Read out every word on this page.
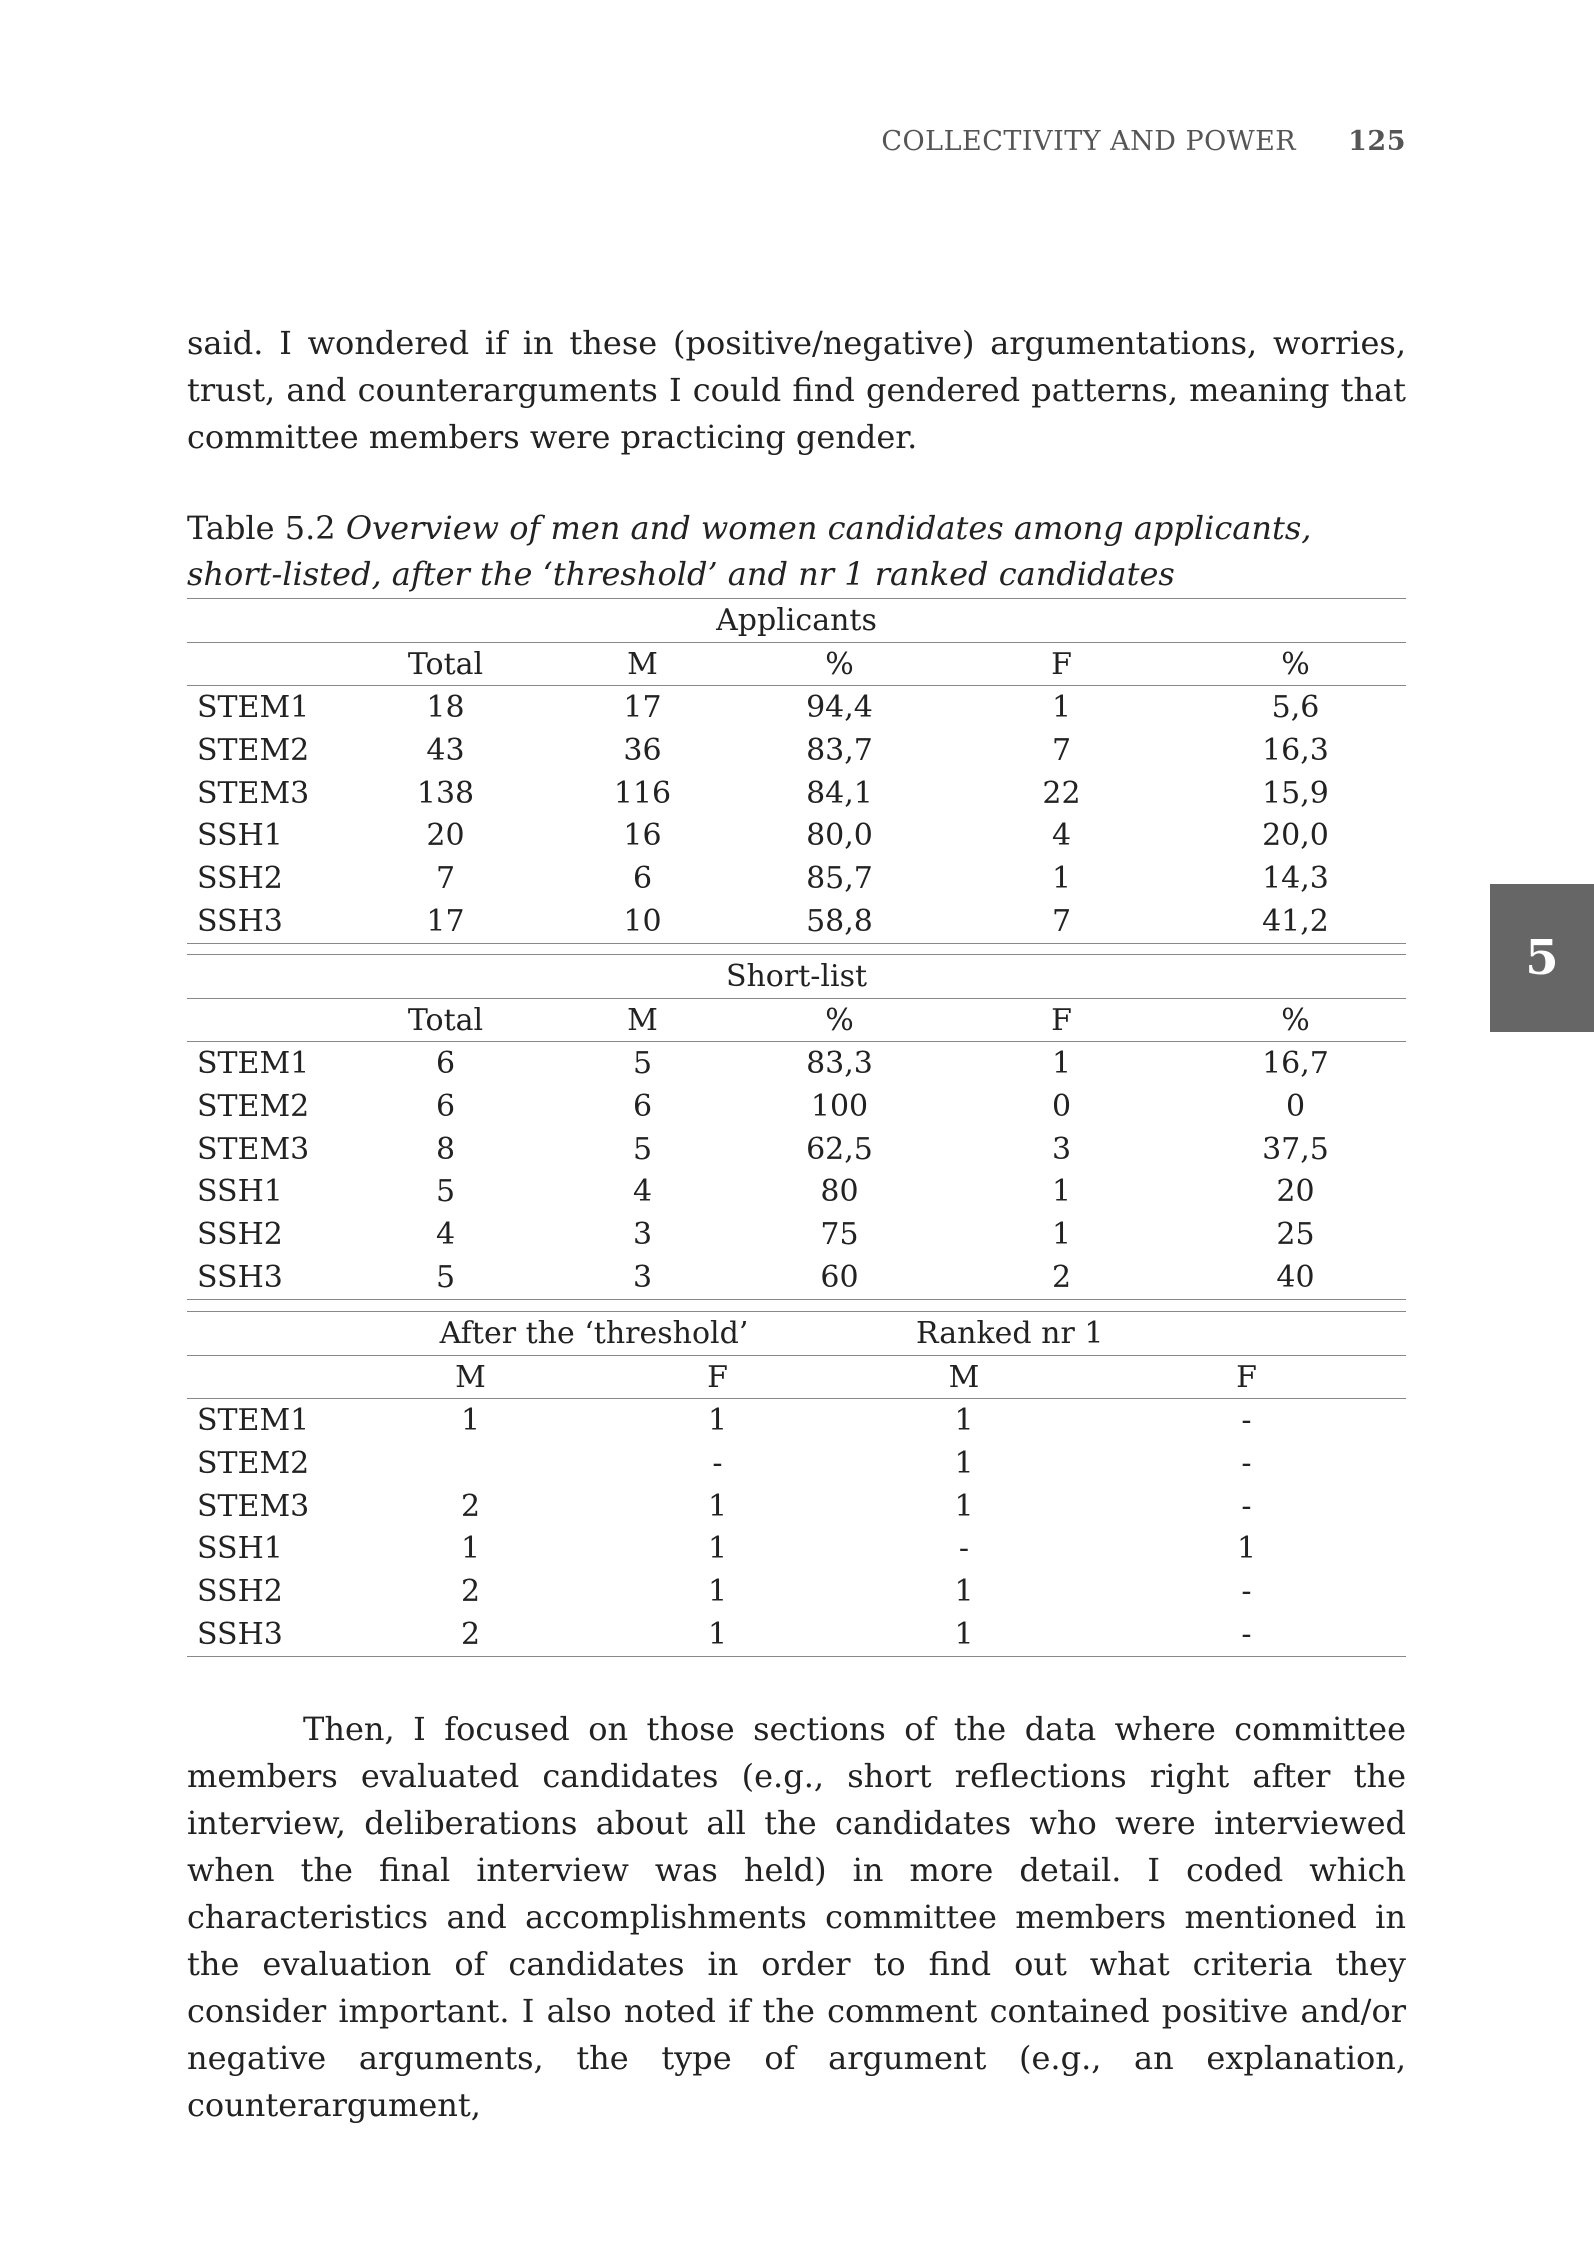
COLLECTIVITY AND POWER 125
5

said. I wondered if in these (positive/negative) argumentations, worries, trust, and counterarguments I could find gendered patterns, meaning that committee members were practicing gender.

Table 5.2 Overview of men and women candidates among applicants, short-listed, after the ‘threshold’ and nr 1 ranked candidates

Applicants					
	Total	M	%	F	%
STEM1	18	17	94,4	1	5,6
STEM2	43	36	83,7	7	16,3
STEM3	138	116	84,1	22	15,9
SSH1	20	16	80,0	4	20,0
SSH2	7	6	85,7	1	14,3
SSH3	17	10	58,8	7	41,2
Short-list					
	Total	M	%	F	%
STEM1	6	5	83,3	1	16,7
STEM2	6	6	100	0	0
STEM3	8	5	62,5	3	37,5
SSH1	5	4	80	1	20
SSH2	4	3	75	1	25
SSH3	5	3	60	2	40
	After the ‘threshold’		Ranked nr 1	
	M	F	M	F
STEM1	1	1	1	-
STEM2		-	1	-
STEM3	2	1	1	-
SSH1	1	1	-	1
SSH2	2	1	1	-
SSH3	2	1	1	-

Then, I focused on those sections of the data where committee members evaluated candidates (e.g., short reflections right after the interview, deliberations about all the candidates who were interviewed when the final interview was held) in more detail. I coded which characteristics and accomplishments committee members mentioned in the evaluation of candidates in order to find out what criteria they consider important. I also noted if the comment contained positive and/or negative arguments, the type of argument (e.g., an explanation, counterargument,
